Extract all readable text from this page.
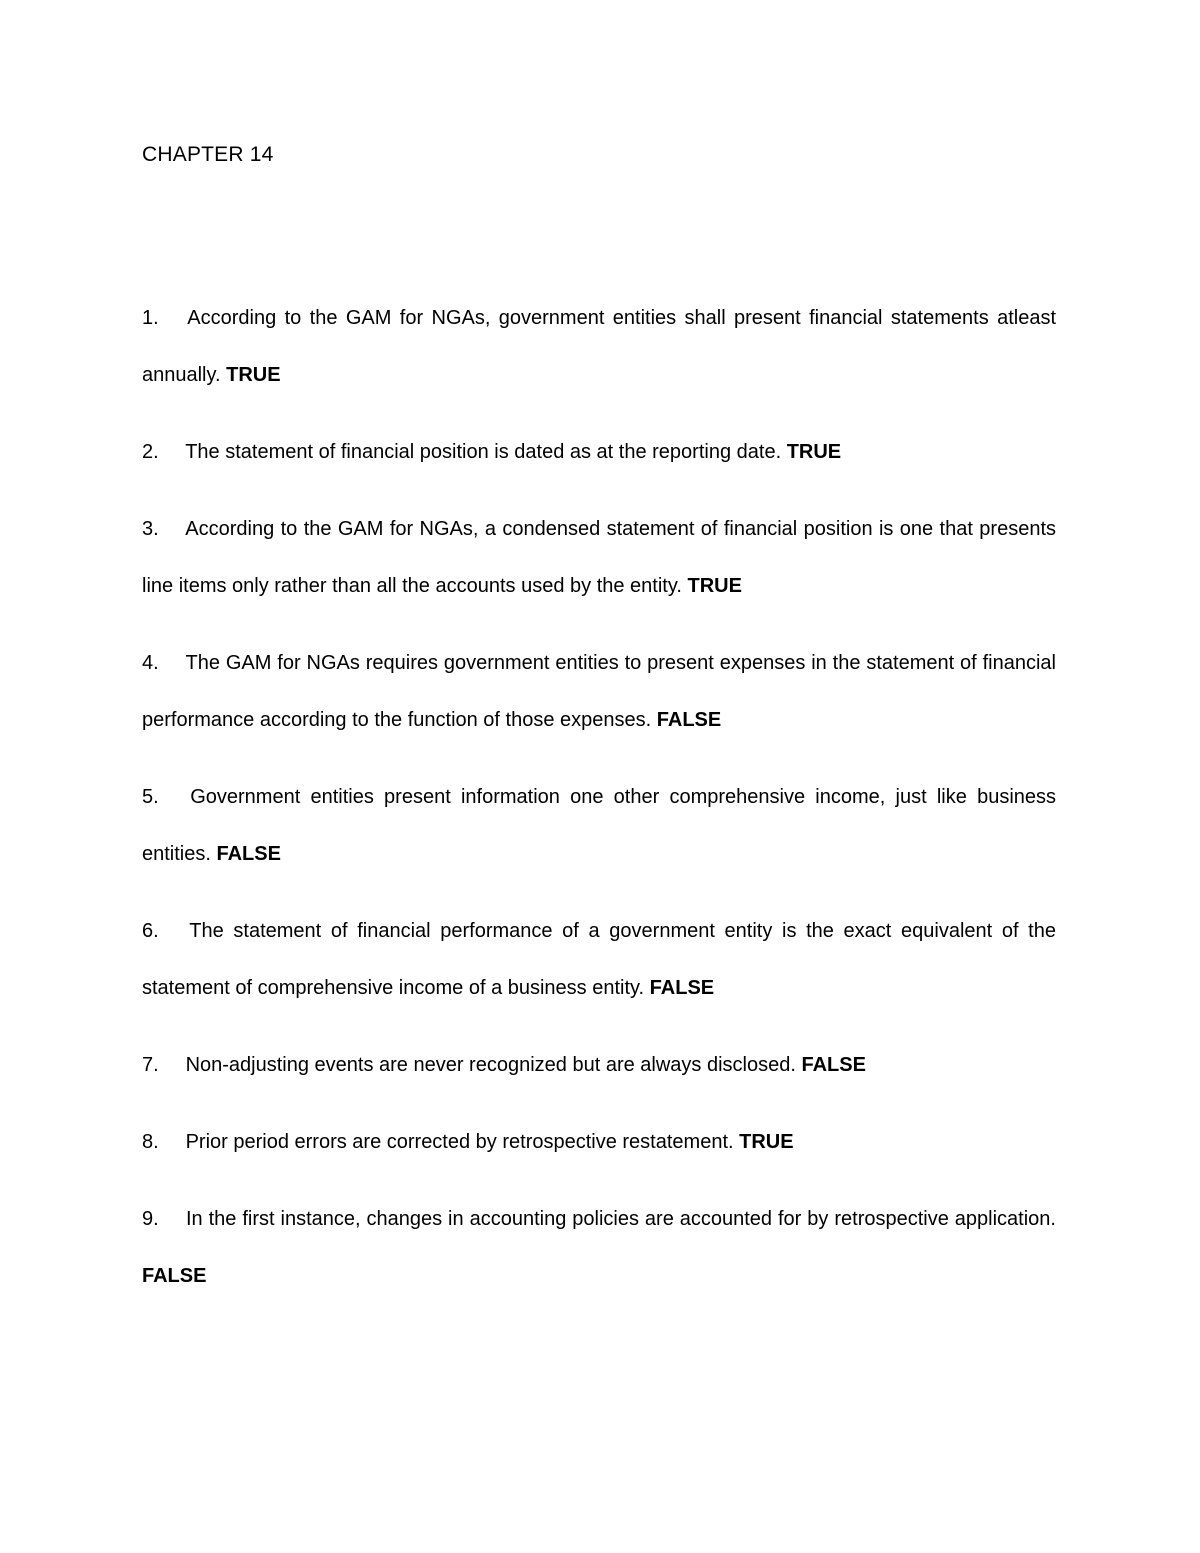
CHAPTER 14

1. According to the GAM for NGAs, government entities shall present financial statements atleast annually. TRUE

2. The statement of financial position is dated as at the reporting date. TRUE

3. According to the GAM for NGAs, a condensed statement of financial position is one that presents line items only rather than all the accounts used by the entity. TRUE

4. The GAM for NGAs requires government entities to present expenses in the statement of financial performance according to the function of those expenses. FALSE

5. Government entities present information one other comprehensive income, just like business entities. FALSE

6. The statement of financial performance of a government entity is the exact equivalent of the statement of comprehensive income of a business entity. FALSE

7. Non-adjusting events are never recognized but are always disclosed. FALSE

8. Prior period errors are corrected by retrospective restatement. TRUE

9. In the first instance, changes in accounting policies are accounted for by retrospective application. FALSE
